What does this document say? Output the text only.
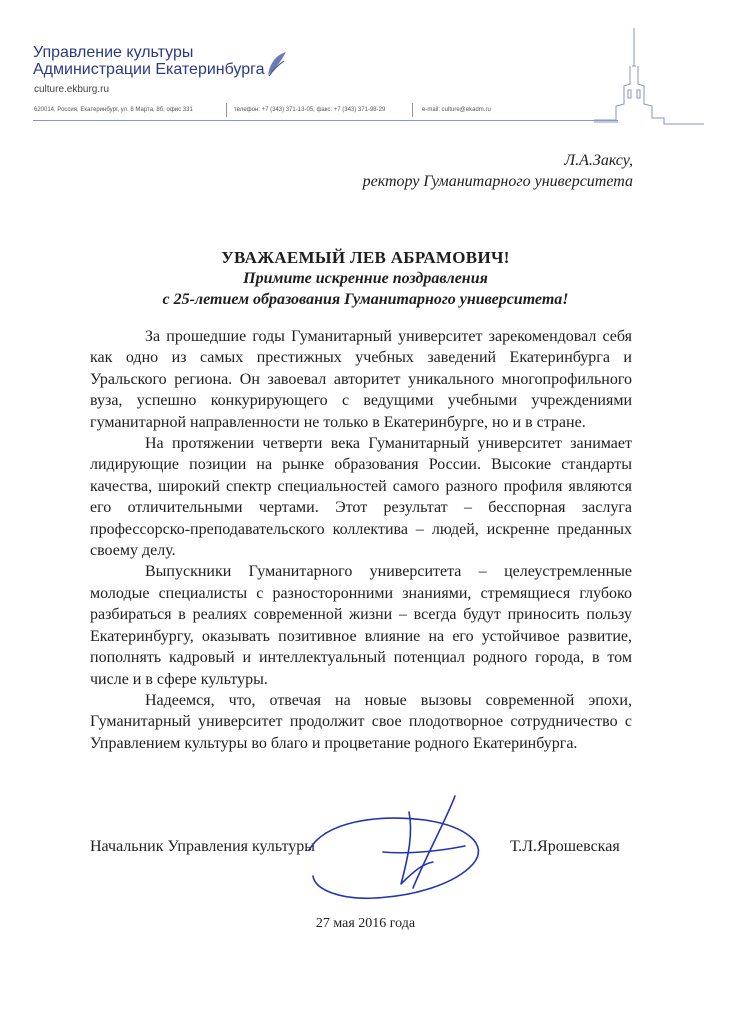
Управление культуры
Администрации Екатеринбурга
culture.ekburg.ru
620014, Россия, Екатеринбург, ул. 8 Марта, 8б, офис 331	телефон: +7 (343) 371-13-05; факс: +7 (343) 371-98-29	e-mail: culture@ekadm.ru
Л.А.Заксу,
ректору Гуманитарного университета
УВАЖАЕМЫЙ ЛЕВ АБРАМОВИЧ!
Примите искренние поздравления
с 25-летием образования Гуманитарного университета!

За прошедшие годы Гуманитарный университет зарекомендовал себя как одно из самых престижных учебных заведений Екатеринбурга и Уральского региона. Он завоевал авторитет уникального многопрофильного вуза, успешно конкурирующего с ведущими учебными учреждениями гуманитарной направленности не только в Екатеринбурге, но и в стране.

На протяжении четверти века Гуманитарный университет занимает лидирующие позиции на рынке образования России. Высокие стандарты качества, широкий спектр специальностей самого разного профиля являются его отличительными чертами. Этот результат – бесспорная заслуга профессорско-преподавательского коллектива – людей, искренне преданных своему делу.

Выпускники Гуманитарного университета – целеустремленные молодые специалисты с разносторонними знаниями, стремящиеся глубоко разбираться в реалиях современной жизни – всегда будут приносить пользу Екатеринбургу, оказывать позитивное влияние на его устойчивое развитие, пополнять кадровый и интеллектуальный потенциал родного города, в том числе и в сфере культуры.

Надеемся, что, отвечая на новые вызовы современной эпохи, Гуманитарный университет продолжит свое плодотворное сотрудничество с Управлением культуры во благо и процветание родного Екатеринбурга.

Начальник Управления культуры	Т.Л.Ярошевская
27 мая 2016 года
